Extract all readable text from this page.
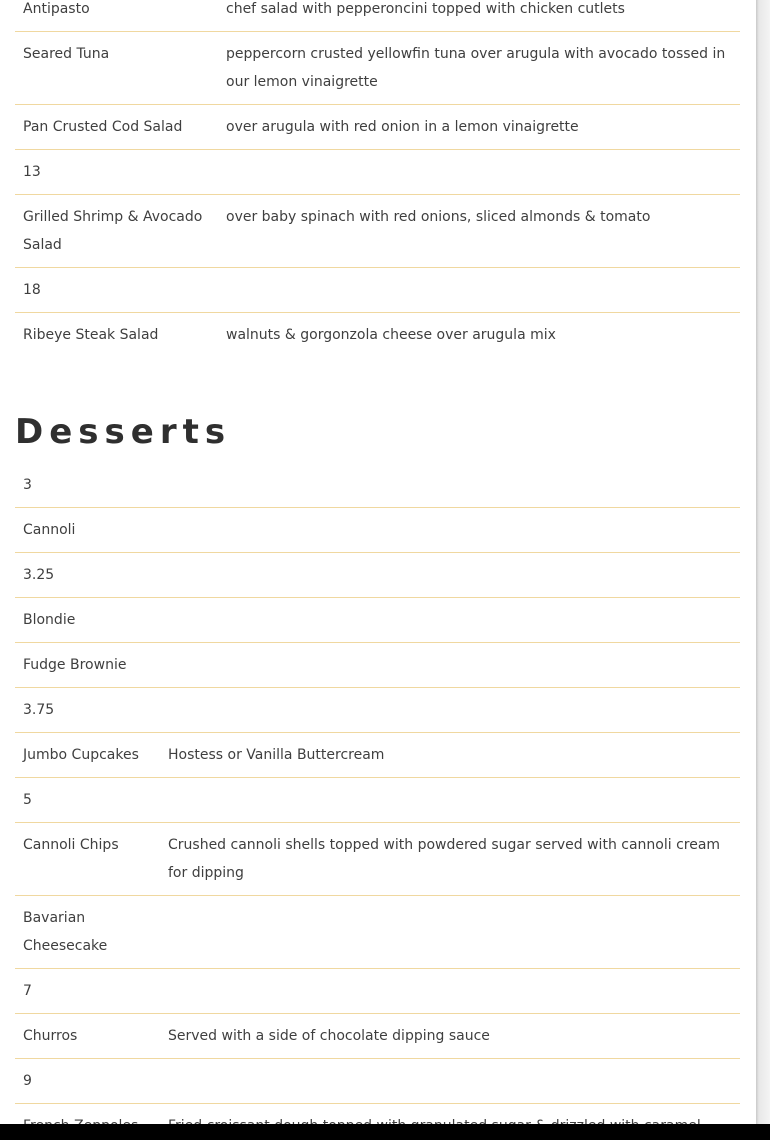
Antipasto	chef salad with pepperoncini topped with chicken cutlets
Seared Tuna	peppercorn crusted yellowfin tuna over arugula with avocado tossed in our lemon vinaigrette
Pan Crusted Cod Salad	over arugula with red onion in a lemon vinaigrette
13	
Grilled Shrimp & Avocado Salad	over baby spinach with red onions, sliced almonds & tomato
18	
Ribeye Steak Salad	walnuts & gorgonzola cheese over arugula mix
Desserts
3	
Cannoli	
3.25	
Blondie	
Fudge Brownie	
3.75	
Jumbo Cupcakes	Hostess or Vanilla Buttercream
5	
Cannoli Chips	Crushed cannoli shells topped with powdered sugar served with cannoli cream for dipping
Bavarian Cheesecake	
7	
Churros	Served with a side of chocolate dipping sauce
9	
